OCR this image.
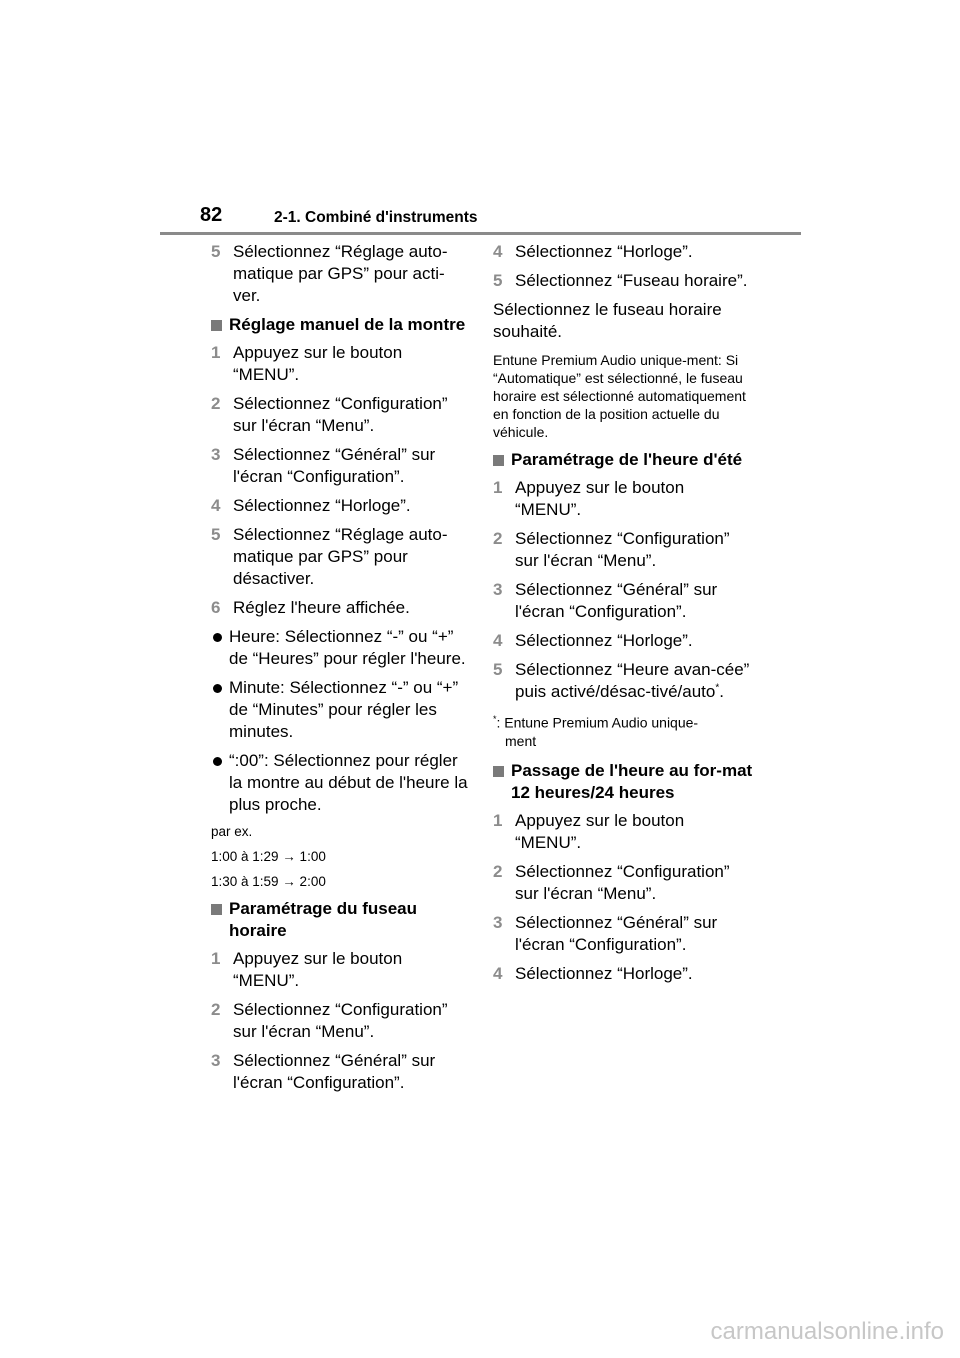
82	2-1. Combiné d'instruments
5 Sélectionnez “Réglage auto-matique par GPS” pour acti-ver.
Réglage manuel de la montre
1 Appuyez sur le bouton “MENU”.
2 Sélectionnez “Configuration” sur l'écran “Menu”.
3 Sélectionnez “Général” sur l'écran “Configuration”.
4 Sélectionnez “Horloge”.
5 Sélectionnez “Réglage auto-matique par GPS” pour désactiver.
6 Réglez l'heure affichée.
Heure: Sélectionnez “-” ou “+” de “Heures” pour régler l'heure.
Minute: Sélectionnez “-” ou “+” de “Minutes” pour régler les minutes.
“:00”: Sélectionnez pour régler la montre au début de l'heure la plus proche.
par ex.
1:00 à 1:29 → 1:00
1:30 à 1:59 → 2:00
Paramétrage du fuseau horaire
1 Appuyez sur le bouton “MENU”.
2 Sélectionnez “Configuration” sur l'écran “Menu”.
3 Sélectionnez “Général” sur l'écran “Configuration”.
4 Sélectionnez “Horloge”.
5 Sélectionnez “Fuseau horaire”.
Sélectionnez le fuseau horaire souhaité.
Entune Premium Audio unique-ment: Si “Automatique” est sélectionné, le fuseau horaire est sélectionné automatiquement en fonction de la position actuelle du véhicule.
Paramétrage de l'heure d'été
1 Appuyez sur le bouton “MENU”.
2 Sélectionnez “Configuration” sur l'écran “Menu”.
3 Sélectionnez “Général” sur l'écran “Configuration”.
4 Sélectionnez “Horloge”.
5 Sélectionnez “Heure avan-cée” puis activé/désac-tivé/auto*.
*: Entune Premium Audio unique-
ment
Passage de l'heure au for-mat 12 heures/24 heures
1 Appuyez sur le bouton “MENU”.
2 Sélectionnez “Configuration” sur l'écran “Menu”.
3 Sélectionnez “Général” sur l'écran “Configuration”.
4 Sélectionnez “Horloge”.
carmanualsonline.info
